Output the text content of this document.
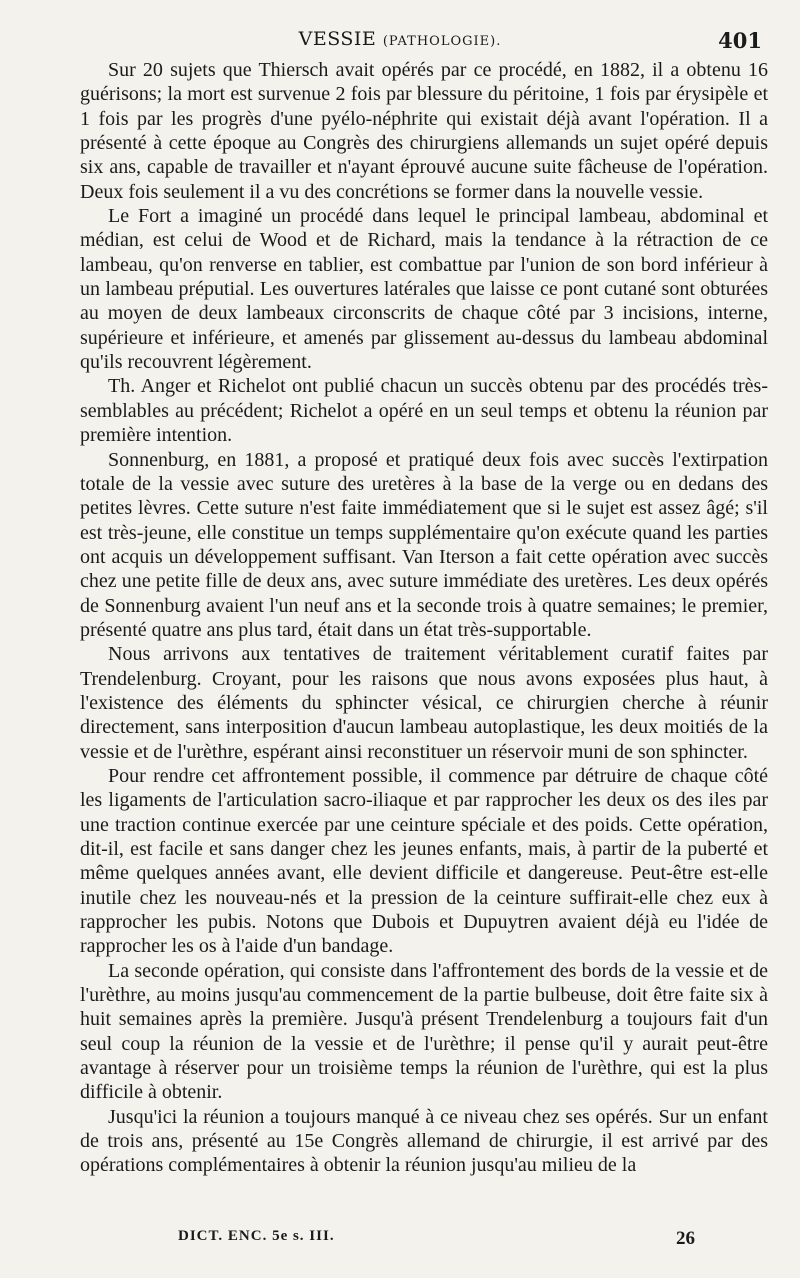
VESSIE (PATHOLOGIE).	401

Sur 20 sujets que Thiersch avait opérés par ce procédé, en 1882, il a obtenu 16 guérisons; la mort est survenue 2 fois par blessure du péritoine, 1 fois par érysipèle et 1 fois par les progrès d'une pyélo-néphrite qui existait déjà avant l'opération. Il a présenté à cette époque au Congrès des chirurgiens allemands un sujet opéré depuis six ans, capable de travailler et n'ayant éprouvé aucune suite fâcheuse de l'opération. Deux fois seulement il a vu des concrétions se former dans la nouvelle vessie.

Le Fort a imaginé un procédé dans lequel le principal lambeau, abdominal et médian, est celui de Wood et de Richard, mais la tendance à la rétraction de ce lambeau, qu'on renverse en tablier, est combattue par l'union de son bord inférieur à un lambeau préputial. Les ouvertures latérales que laisse ce pont cutané sont obturées au moyen de deux lambeaux circonscrits de chaque côté par 3 incisions, interne, supérieure et inférieure, et amenés par glissement au-dessus du lambeau abdominal qu'ils recouvrent légèrement.

Th. Anger et Richelot ont publié chacun un succès obtenu par des procédés très-semblables au précédent; Richelot a opéré en un seul temps et obtenu la réunion par première intention.

Sonnenburg, en 1881, a proposé et pratiqué deux fois avec succès l'extirpation totale de la vessie avec suture des uretères à la base de la verge ou en dedans des petites lèvres. Cette suture n'est faite immédiatement que si le sujet est assez âgé; s'il est très-jeune, elle constitue un temps supplémentaire qu'on exécute quand les parties ont acquis un développement suffisant. Van Iterson a fait cette opération avec succès chez une petite fille de deux ans, avec suture immédiate des uretères. Les deux opérés de Sonnenburg avaient l'un neuf ans et la seconde trois à quatre semaines; le premier, présenté quatre ans plus tard, était dans un état très-supportable.

Nous arrivons aux tentatives de traitement véritablement curatif faites par Trendelenburg. Croyant, pour les raisons que nous avons exposées plus haut, à l'existence des éléments du sphincter vésical, ce chirurgien cherche à réunir directement, sans interposition d'aucun lambeau autoplastique, les deux moitiés de la vessie et de l'urèthre, espérant ainsi reconstituer un réservoir muni de son sphincter.

Pour rendre cet affrontement possible, il commence par détruire de chaque côté les ligaments de l'articulation sacro-iliaque et par rapprocher les deux os des iles par une traction continue exercée par une ceinture spéciale et des poids. Cette opération, dit-il, est facile et sans danger chez les jeunes enfants, mais, à partir de la puberté et même quelques années avant, elle devient difficile et dangereuse. Peut-être est-elle inutile chez les nouveau-nés et la pression de la ceinture suffirait-elle chez eux à rapprocher les pubis. Notons que Dubois et Dupuytren avaient déjà eu l'idée de rapprocher les os à l'aide d'un bandage.

La seconde opération, qui consiste dans l'affrontement des bords de la vessie et de l'urèthre, au moins jusqu'au commencement de la partie bulbeuse, doit être faite six à huit semaines après la première. Jusqu'à présent Trendelenburg a toujours fait d'un seul coup la réunion de la vessie et de l'urèthre; il pense qu'il y aurait peut-être avantage à réserver pour un troisième temps la réunion de l'urèthre, qui est la plus difficile à obtenir.

Jusqu'ici la réunion a toujours manqué à ce niveau chez ses opérés. Sur un enfant de trois ans, présenté au 15e Congrès allemand de chirurgie, il est arrivé par des opérations complémentaires à obtenir la réunion jusqu'au milieu de la

DICT. ENC. 5e s. III.	26
